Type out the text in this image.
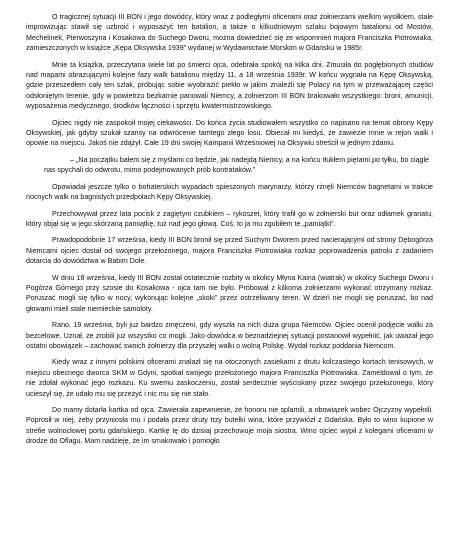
O tragicznej sytuacji III BON i jego dowódcy, który wraz z podległymi oficerami oraz żołnierzami wielkim wysiłkiem, stale improwizując stawił się uzbroić i wyposażyć ten batalion, a także o kilkudniowym szlaku bojowym batalionu od Mostów, Mechelinek, Pierwoszyna i Kosakowa do Suchego Dworu, można dowiedzieć się ze wspomnień majora Franciszka Piotrowiaka, zamieszczonych w książce „Kępa Oksywska 1939” wydanej w Wydawnictwie Morskim w Gdańsku w 1985r.

Mnie ta książka, przeczytana wiele lat po śmierci ojca, odebrała spokój na kilka dni. Zmusiła do pogłębionych studiów nad mapami obrazującymi kolejne fazy walk batalionu między 11, a 18 września 1939r. W końcu wygnała na Kępę Oksywską, gdzie przeszedłem cały ten szlak, próbując sobie wyobrazić piekło w jakim znaleźli się Polacy na tym w przeważającej części odsłoniętym terenie, gdy w powietrzu bezkarnie panowali Niemcy, a żołnierzom III BON brakowało wszystkiego: broni, amunicji, wyposażenia medycznego, środków łączności i sprzętu kwatermistrzowskiego.

Ojciec nigdy nie zaspokoił mojej ciekawości. Do końca życia studiowałem wszystko co napisano na temat obrony Kępy Oksywskiej, jak gdyby szukał szansy na odwrócenie tamtego złego losu. Obiecał mi kiedyś, że zawiezie mnie w rejon walk i opowie na miejscu. Jakoś nie zdążył. Całe 19 dni swojej Kampanii Wrześniowej na Oksywiu streścił w jednym zdaniu.

– „Na początku bałem się z myślami co będzie, jak nadejdą Niemcy, a na końcu tłukłem piętami po tyłku, bo ciągle nas spychali do odwrotu, mimo podejmowanych prób kontrataków.”

Opowiadał jeszcze tylko o bohaterskich wypadach spieszonych marynarzy, którzy rżnęli Niemców bagnetami w trakcie nocnych walk na bagnistych przedpolach Kępy Oksywskiej.

Przechowywał przez lata pocisk z zagiętym czubkiem – rykoszet, który trafił go w żołnierski but oraz odłamek granatu, który objął się w jego skórzaną pamiątkę, tuż nad jego głową. Coś, to ja mu zgubiłem te „pamiątki”.

Prawdopodobnie 17 września, kiedy III BON bronił się przed Suchym Dworem przed nacierającymi od strony Dębogórza Niemcami ojciec dostał od swojego przełożonego, majora Franciszka Piotrowiaka rozkaz poprowadzenia patrolu z zadaniem dotarcia do dowództwa w Babim Dole.

W dniu 18 września, kiedy III BON został ostatecznie rozbity w okolicy Młyna Kaina (wiatrak) w okolicy Suchego Dworu i Pogórza Górnego przy szosie do Kosakowa - ojca tam nie było. Próbował z kilkoma żołnierzami wykonać otrzymany rozkaz. Poruszać mogli się tylko w nocy, wykonując kolejne „skoki” przez ostrzeliwany teren. W dzień nie mogli się poruszać, bo nad głowami mieli stale niemieckie samoloty.

Rano, 19 września, byli już bardzo zmęczeni, gdy wyszła na nich duża grupa Niemców. Ojciec ocenił podjęcie walki za bezcelowe. Uznał, że zrobili już wszystko co mogli. Jako dowódca w beznadziejnej sytuacji postanowił wypełnić, jak uważał jego ostatni obowiązek – zachować swoich żołnierzy dla przyszłej walki o wolną Polskę. Wydał rozkaz poddania Niemcom.

Kiedy wraz z innymi polskimi oficerami znalazł się na otoczonych zasiekami z drutu kolczastego kortach tenisowych, w miejscu obecnego dworca SKM w Gdyni, spotkał swojego przełożonego majora Franciszka Piotrowiaka. Zameldował o tym, że nie zdołał wykonać jego rozkazu. Ku swemu zaskoczeniu, został serdecznie wyściskany przez swojego przełożonego, który ucieszył się, że udało mu się przeżyć i nic mu się nie stało.

Do mamy dotarła kartka od ojca. Zawierała zapewnienie, że honoru nie splamili, a obowiązek wobec Ojczyzny wypełnili. Poprosił w niej, żeby przyniosła mu i podała przez druty trzy butelki wina, które przywiózł z Gdańska. Było to wino kupione w strefie wolnocłowej portu gdańskiego. Kartkę tę do dzisiaj przechowuje moja siostra. Wino ojciec wypił z kolegami oficerami w drodze do Oflagu. Mam nadzieję, że im smakowało i pomogło
